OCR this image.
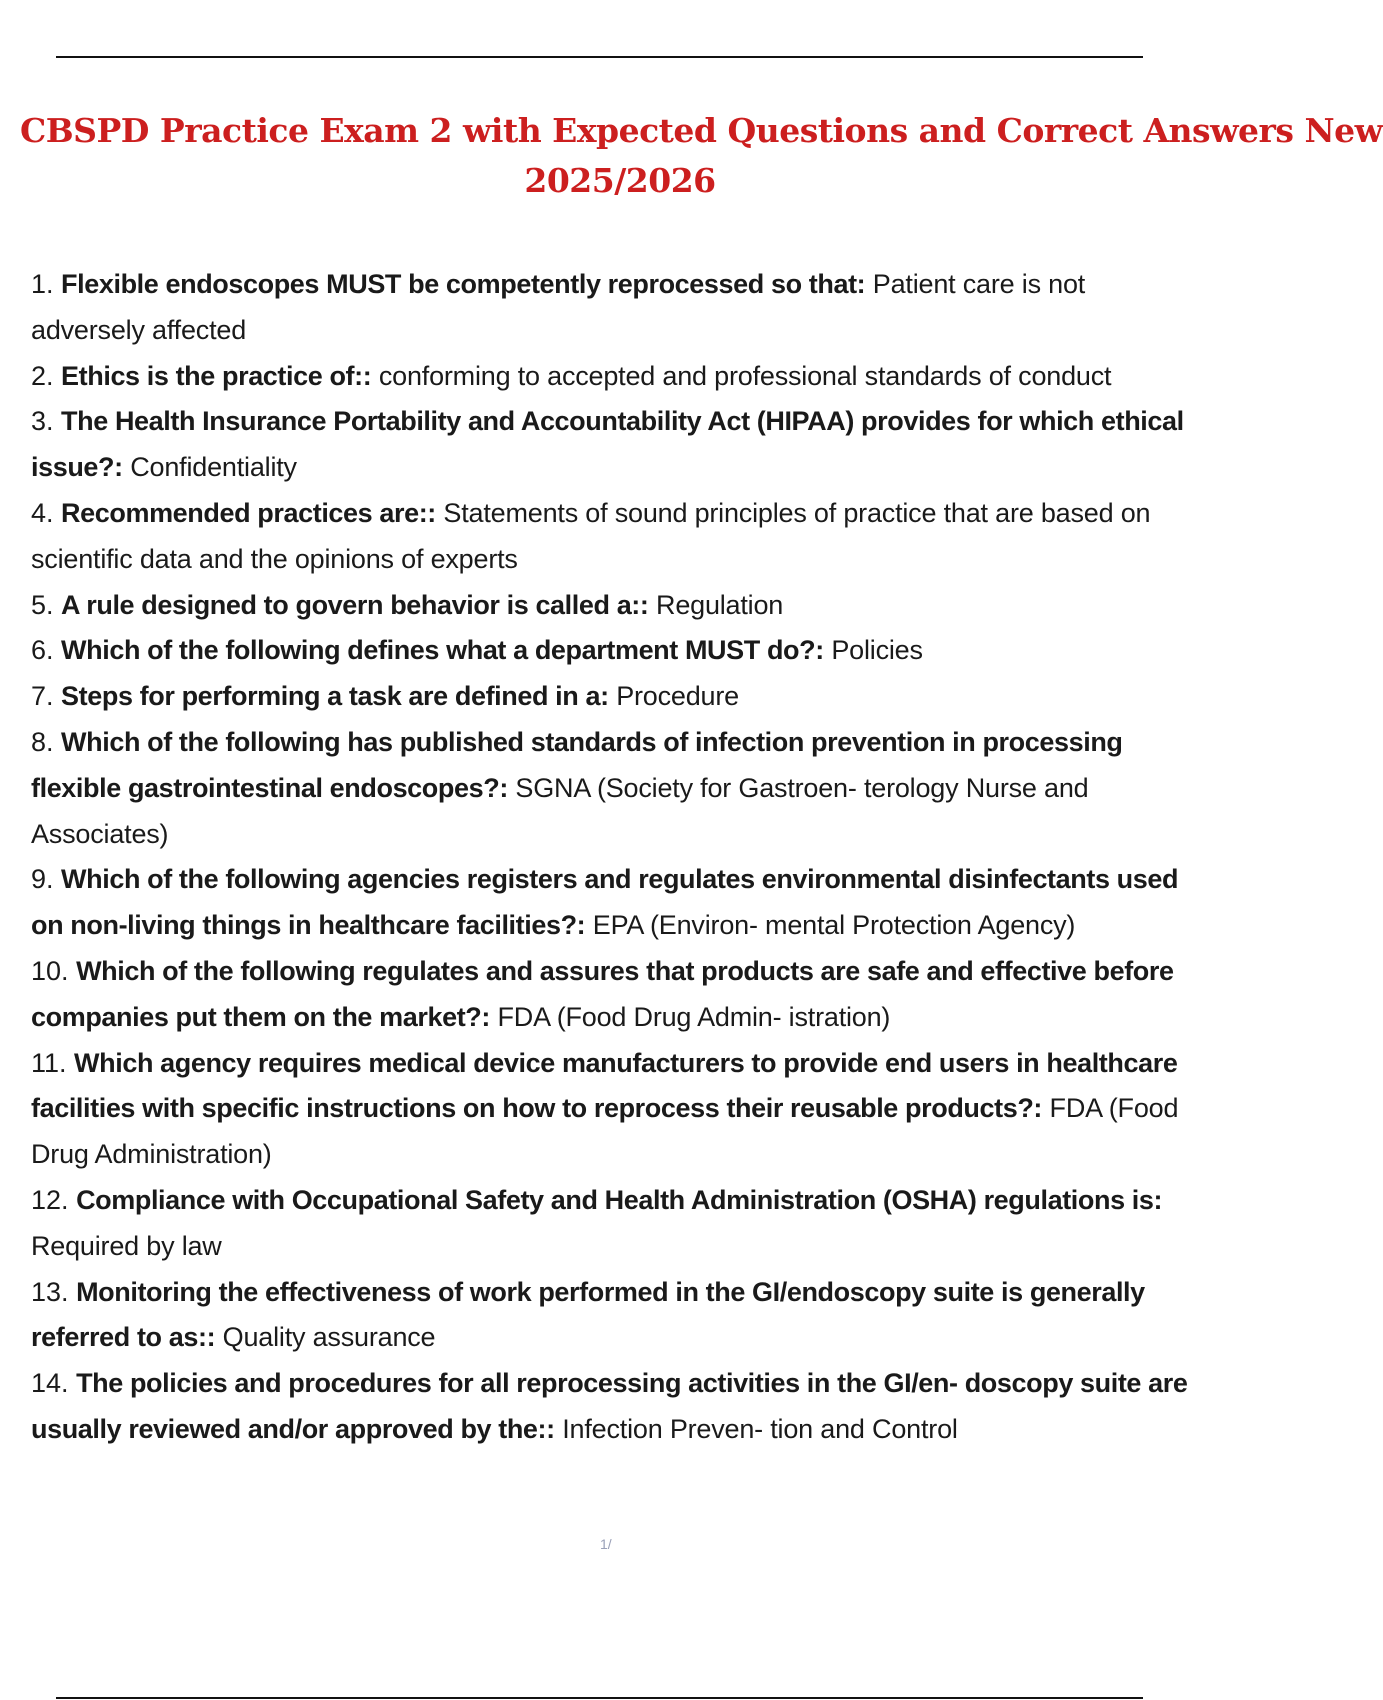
CBSPD Practice Exam 2 with Expected Questions and Correct Answers New
2025/2026
1. Flexible endoscopes MUST be competently reprocessed so that: Patient care is not adversely affected
2. Ethics is the practice of:: conforming to accepted and professional standards of conduct
3. The Health Insurance Portability and Accountability Act (HIPAA) provides for which ethical issue?: Confidentiality
4. Recommended practices are:: Statements of sound principles of practice that are based on scientific data and the opinions of experts
5. A rule designed to govern behavior is called a:: Regulation
6. Which of the following defines what a department MUST do?: Policies
7. Steps for performing a task are defined in a: Procedure
8. Which of the following has published standards of infection prevention in processing flexible gastrointestinal endoscopes?: SGNA (Society for Gastroen- terology Nurse and Associates)
9. Which of the following agencies registers and regulates environmental disinfectants used on non-living things in healthcare facilities?: EPA (Environ- mental Protection Agency)
10. Which of the following regulates and assures that products are safe and effective before companies put them on the market?: FDA (Food Drug Admin- istration)
11. Which agency requires medical device manufacturers to provide end users in healthcare facilities with specific instructions on how to reprocess their reusable products?: FDA (Food Drug Administration)
12. Compliance with Occupational Safety and Health Administration (OSHA) regulations is: Required by law
13. Monitoring the effectiveness of work performed in the GI/endoscopy suite is generally referred to as:: Quality assurance
14. The policies and procedures for all reprocessing activities in the GI/en- doscopy suite are usually reviewed and/or approved by the:: Infection Preven- tion and Control
1/
